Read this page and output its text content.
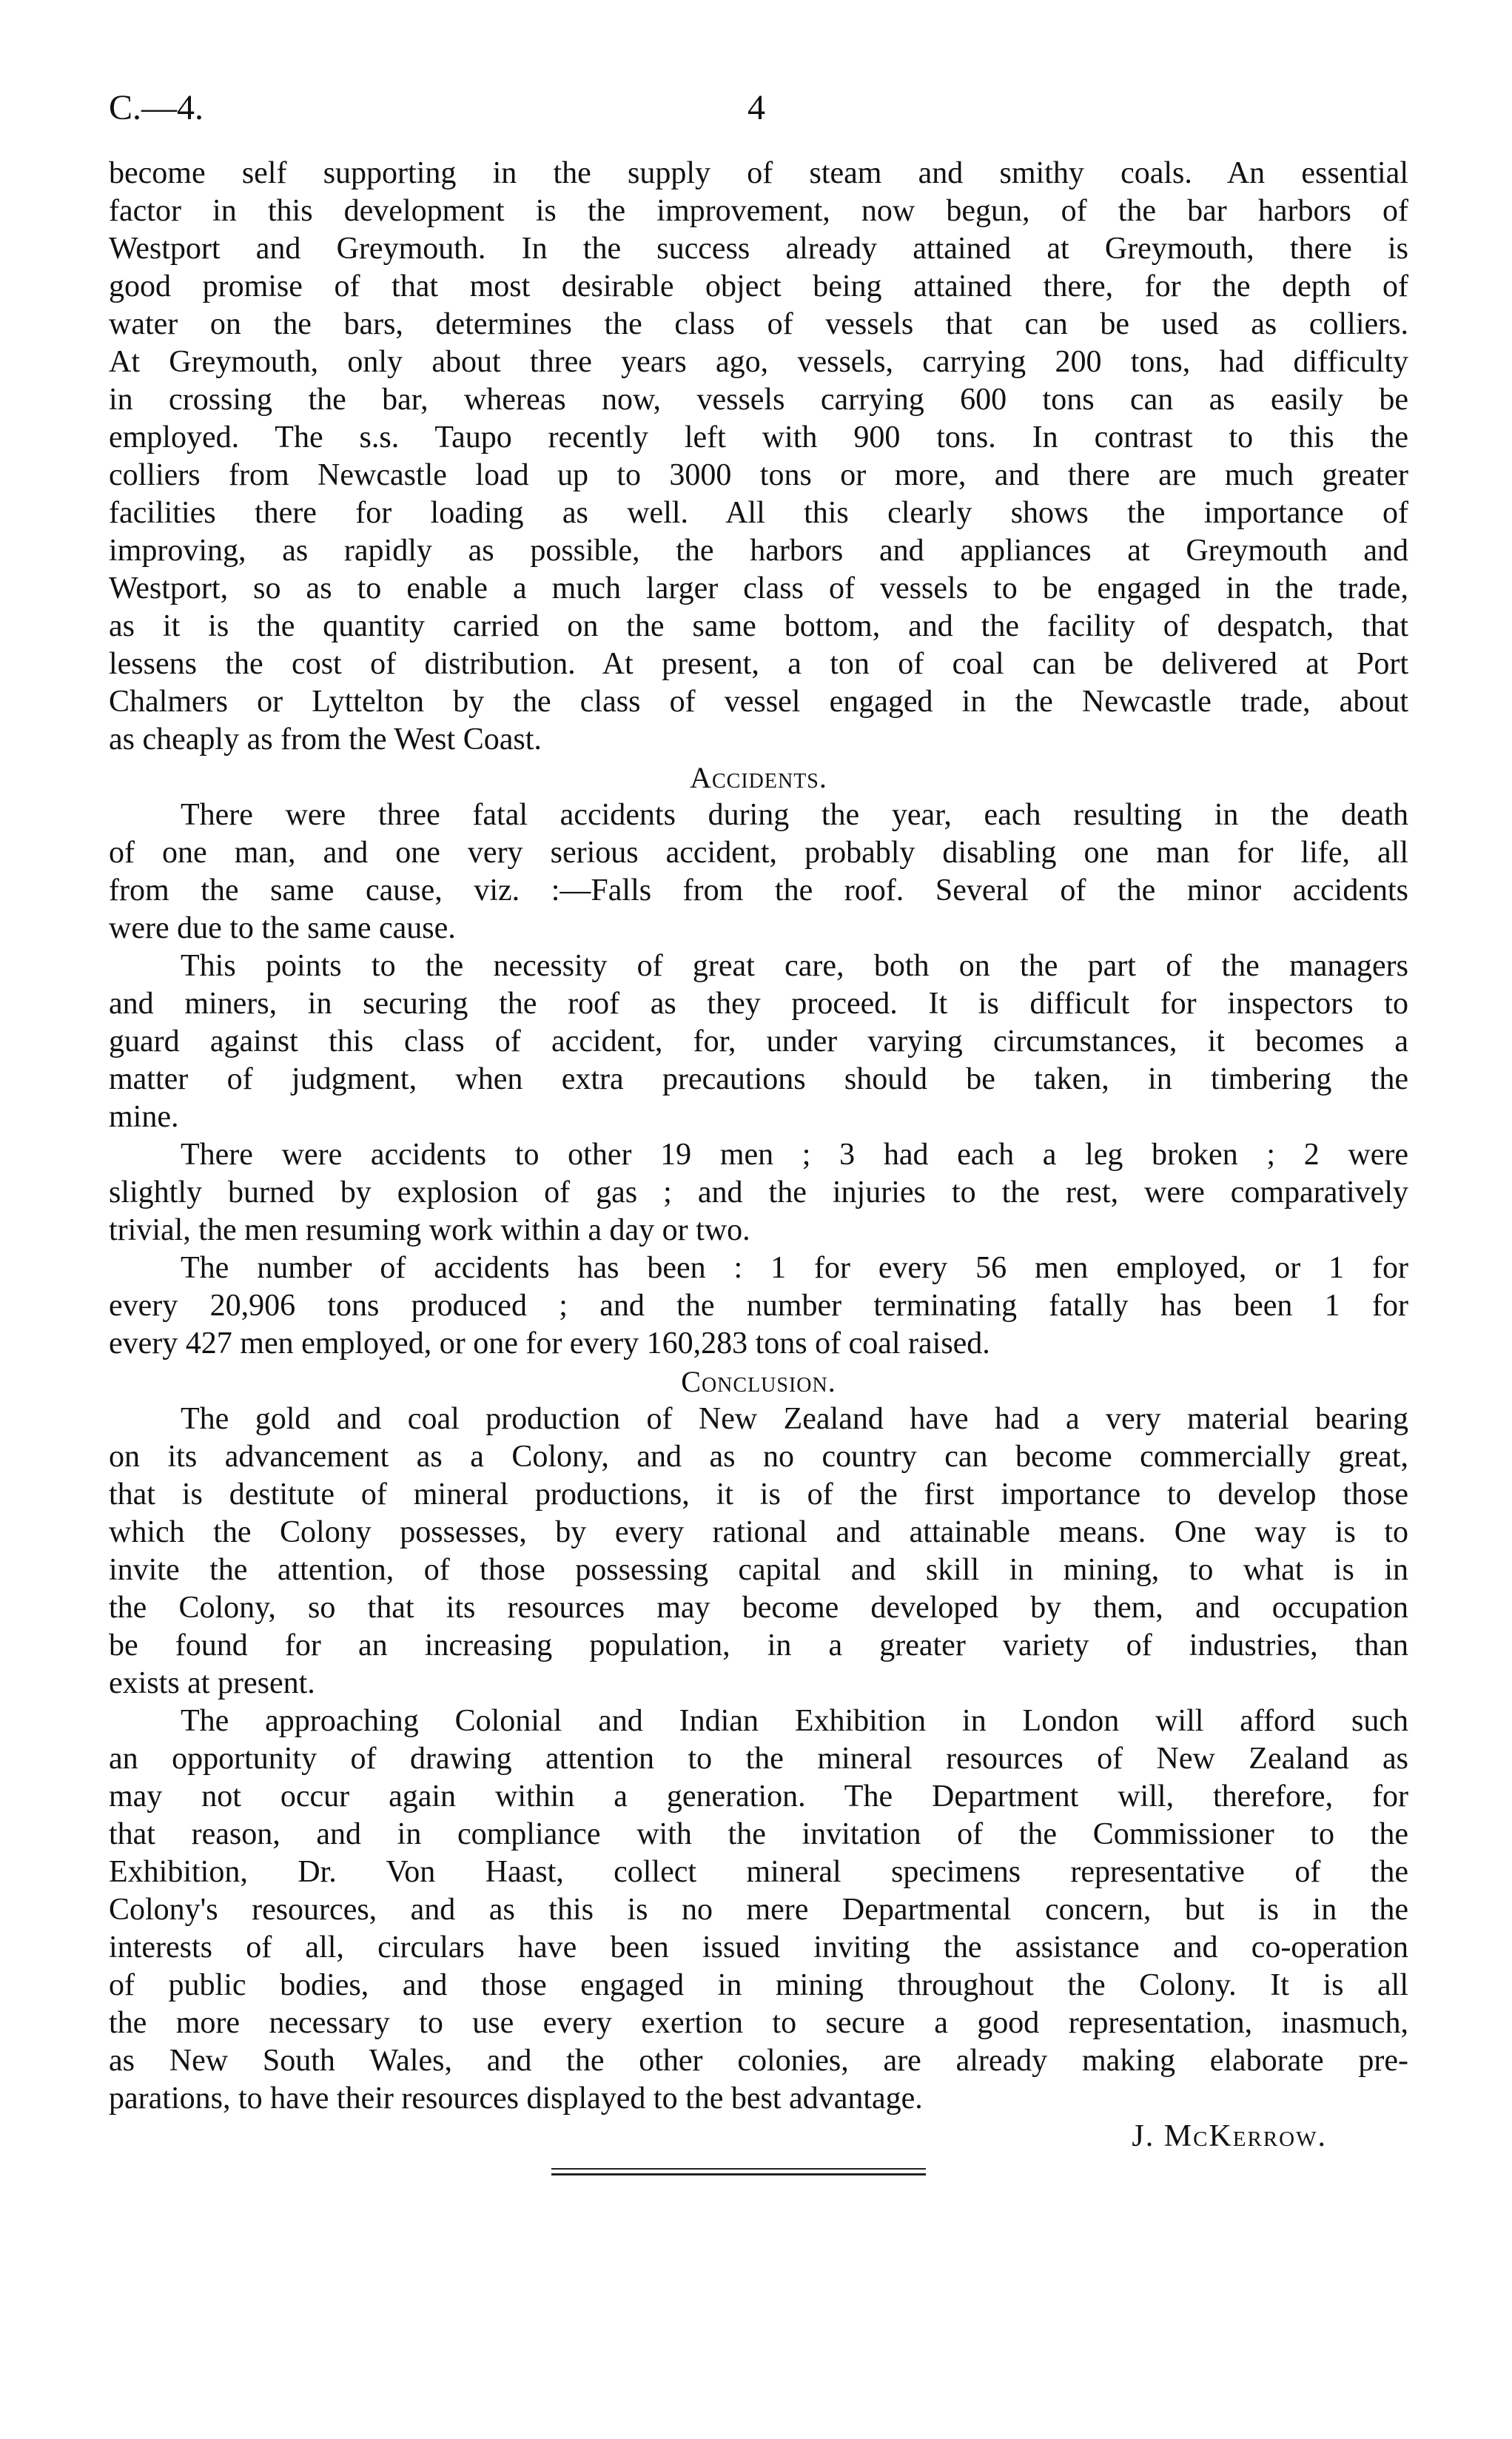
C.—4.	4
become self supporting in the supply of steam and smithy coals. An essential
factor in this development is the improvement, now begun, of the bar harbors of
Westport and Greymouth. In the success already attained at Greymouth, there is
good promise of that most desirable object being attained there, for the depth of
water on the bars, determines the class of vessels that can be used as colliers.
At Greymouth, only about three years ago, vessels, carrying 200 tons, had difficulty
in crossing the bar, whereas now, vessels carrying 600 tons can as easily be
employed. The s.s. Taupo recently left with 900 tons. In contrast to this the
colliers from Newcastle load up to 3000 tons or more, and there are much greater
facilities there for loading as well. All this clearly shows the importance of
improving, as rapidly as possible, the harbors and appliances at Greymouth and
Westport, so as to enable a much larger class of vessels to be engaged in the trade,
as it is the quantity carried on the same bottom, and the facility of despatch, that
lessens the cost of distribution. At present, a ton of coal can be delivered at Port
Chalmers or Lyttelton by the class of vessel engaged in the Newcastle trade, about
as cheaply as from the West Coast.
Accidents.
There were three fatal accidents during the year, each resulting in the death
of one man, and one very serious accident, probably disabling one man for life, all
from the same cause, viz. :—Falls from the roof. Several of the minor accidents
were due to the same cause.
This points to the necessity of great care, both on the part of the managers
and miners, in securing the roof as they proceed. It is difficult for inspectors to
guard against this class of accident, for, under varying circumstances, it becomes a
matter of judgment, when extra precautions should be taken, in timbering the
mine.
There were accidents to other 19 men ; 3 had each a leg broken ; 2 were
slightly burned by explosion of gas ; and the injuries to the rest, were comparatively
trivial, the men resuming work within a day or two.
The number of accidents has been : 1 for every 56 men employed, or 1 for
every 20,906 tons produced ; and the number terminating fatally has been 1 for
every 427 men employed, or one for every 160,283 tons of coal raised.
Conclusion.
The gold and coal production of New Zealand have had a very material bearing
on its advancement as a Colony, and as no country can become commercially great,
that is destitute of mineral productions, it is of the first importance to develop those
which the Colony possesses, by every rational and attainable means. One way is to
invite the attention, of those possessing capital and skill in mining, to what is in
the Colony, so that its resources may become developed by them, and occupation
be found for an increasing population, in a greater variety of industries, than
exists at present.
The approaching Colonial and Indian Exhibition in London will afford such
an opportunity of drawing attention to the mineral resources of New Zealand as
may not occur again within a generation. The Department will, therefore, for
that reason, and in compliance with the invitation of the Commissioner to the
Exhibition, Dr. Von Haast, collect mineral specimens representative of the
Colony's resources, and as this is no mere Departmental concern, but is in the
interests of all, circulars have been issued inviting the assistance and co-operation
of public bodies, and those engaged in mining throughout the Colony. It is all
the more necessary to use every exertion to secure a good representation, inasmuch,
as New South Wales, and the other colonies, are already making elaborate pre-
parations, to have their resources displayed to the best advantage.
J. McKerrow.
